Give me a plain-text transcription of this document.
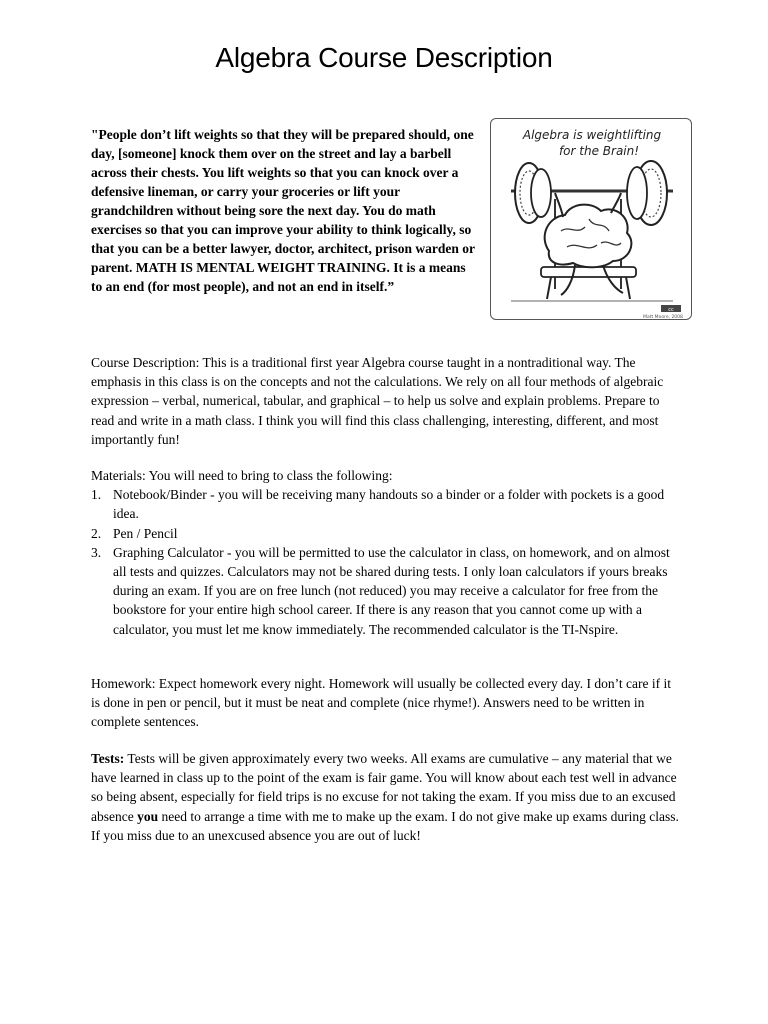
Algebra Course Description

"People don’t lift weights so that they will be prepared should, one day, [someone] knock them over on the street and lay a barbell across their chests. You lift weights so that you can knock over a defensive lineman, or carry your groceries or lift your grandchildren without being sore the next day. You do math exercises so that you can improve your ability to think logically, so that you can be a better lawyer, doctor, architect, prison warden or parent. MATH IS MENTAL WEIGHT TRAINING. It is a means to an end (for most people), and not an end in itself.”

Algebra is weightlifting
for the Brain!
cc
Matt Moore, 2008

Course Description: This is a traditional first year Algebra course taught in a nontraditional way. The emphasis in this class is on the concepts and not the calculations. We rely on all four methods of algebraic expression – verbal, numerical, tabular, and graphical – to help us solve and explain problems. Prepare to read and write in a math class. I think you will find this class challenging, interesting, different, and most importantly fun!

Materials: You will need to bring to class the following:

1. Notebook/Binder - you will be receiving many handouts so a binder or a folder with pockets is a good idea.
2. Pen / Pencil
3. Graphing Calculator - you will be permitted to use the calculator in class, on homework, and on almost all tests and quizzes. Calculators may not be shared during tests. I only loan calculators if yours breaks during an exam. If you are on free lunch (not reduced) you may receive a calculator for free from the bookstore for your entire high school career. If there is any reason that you cannot come up with a calculator, you must let me know immediately. The recommended calculator is the TI-Nspire.

Homework: Expect homework every night. Homework will usually be collected every day. I don’t care if it is done in pen or pencil, but it must be neat and complete (nice rhyme!). Answers need to be written in complete sentences.

Tests: Tests will be given approximately every two weeks. All exams are cumulative – any material that we have learned in class up to the point of the exam is fair game. You will know about each test well in advance so being absent, especially for field trips is no excuse for not taking the exam. If you miss due to an excused absence you need to arrange a time with me to make up the exam. I do not give make up exams during class. If you miss due to an unexcused absence you are out of luck!
